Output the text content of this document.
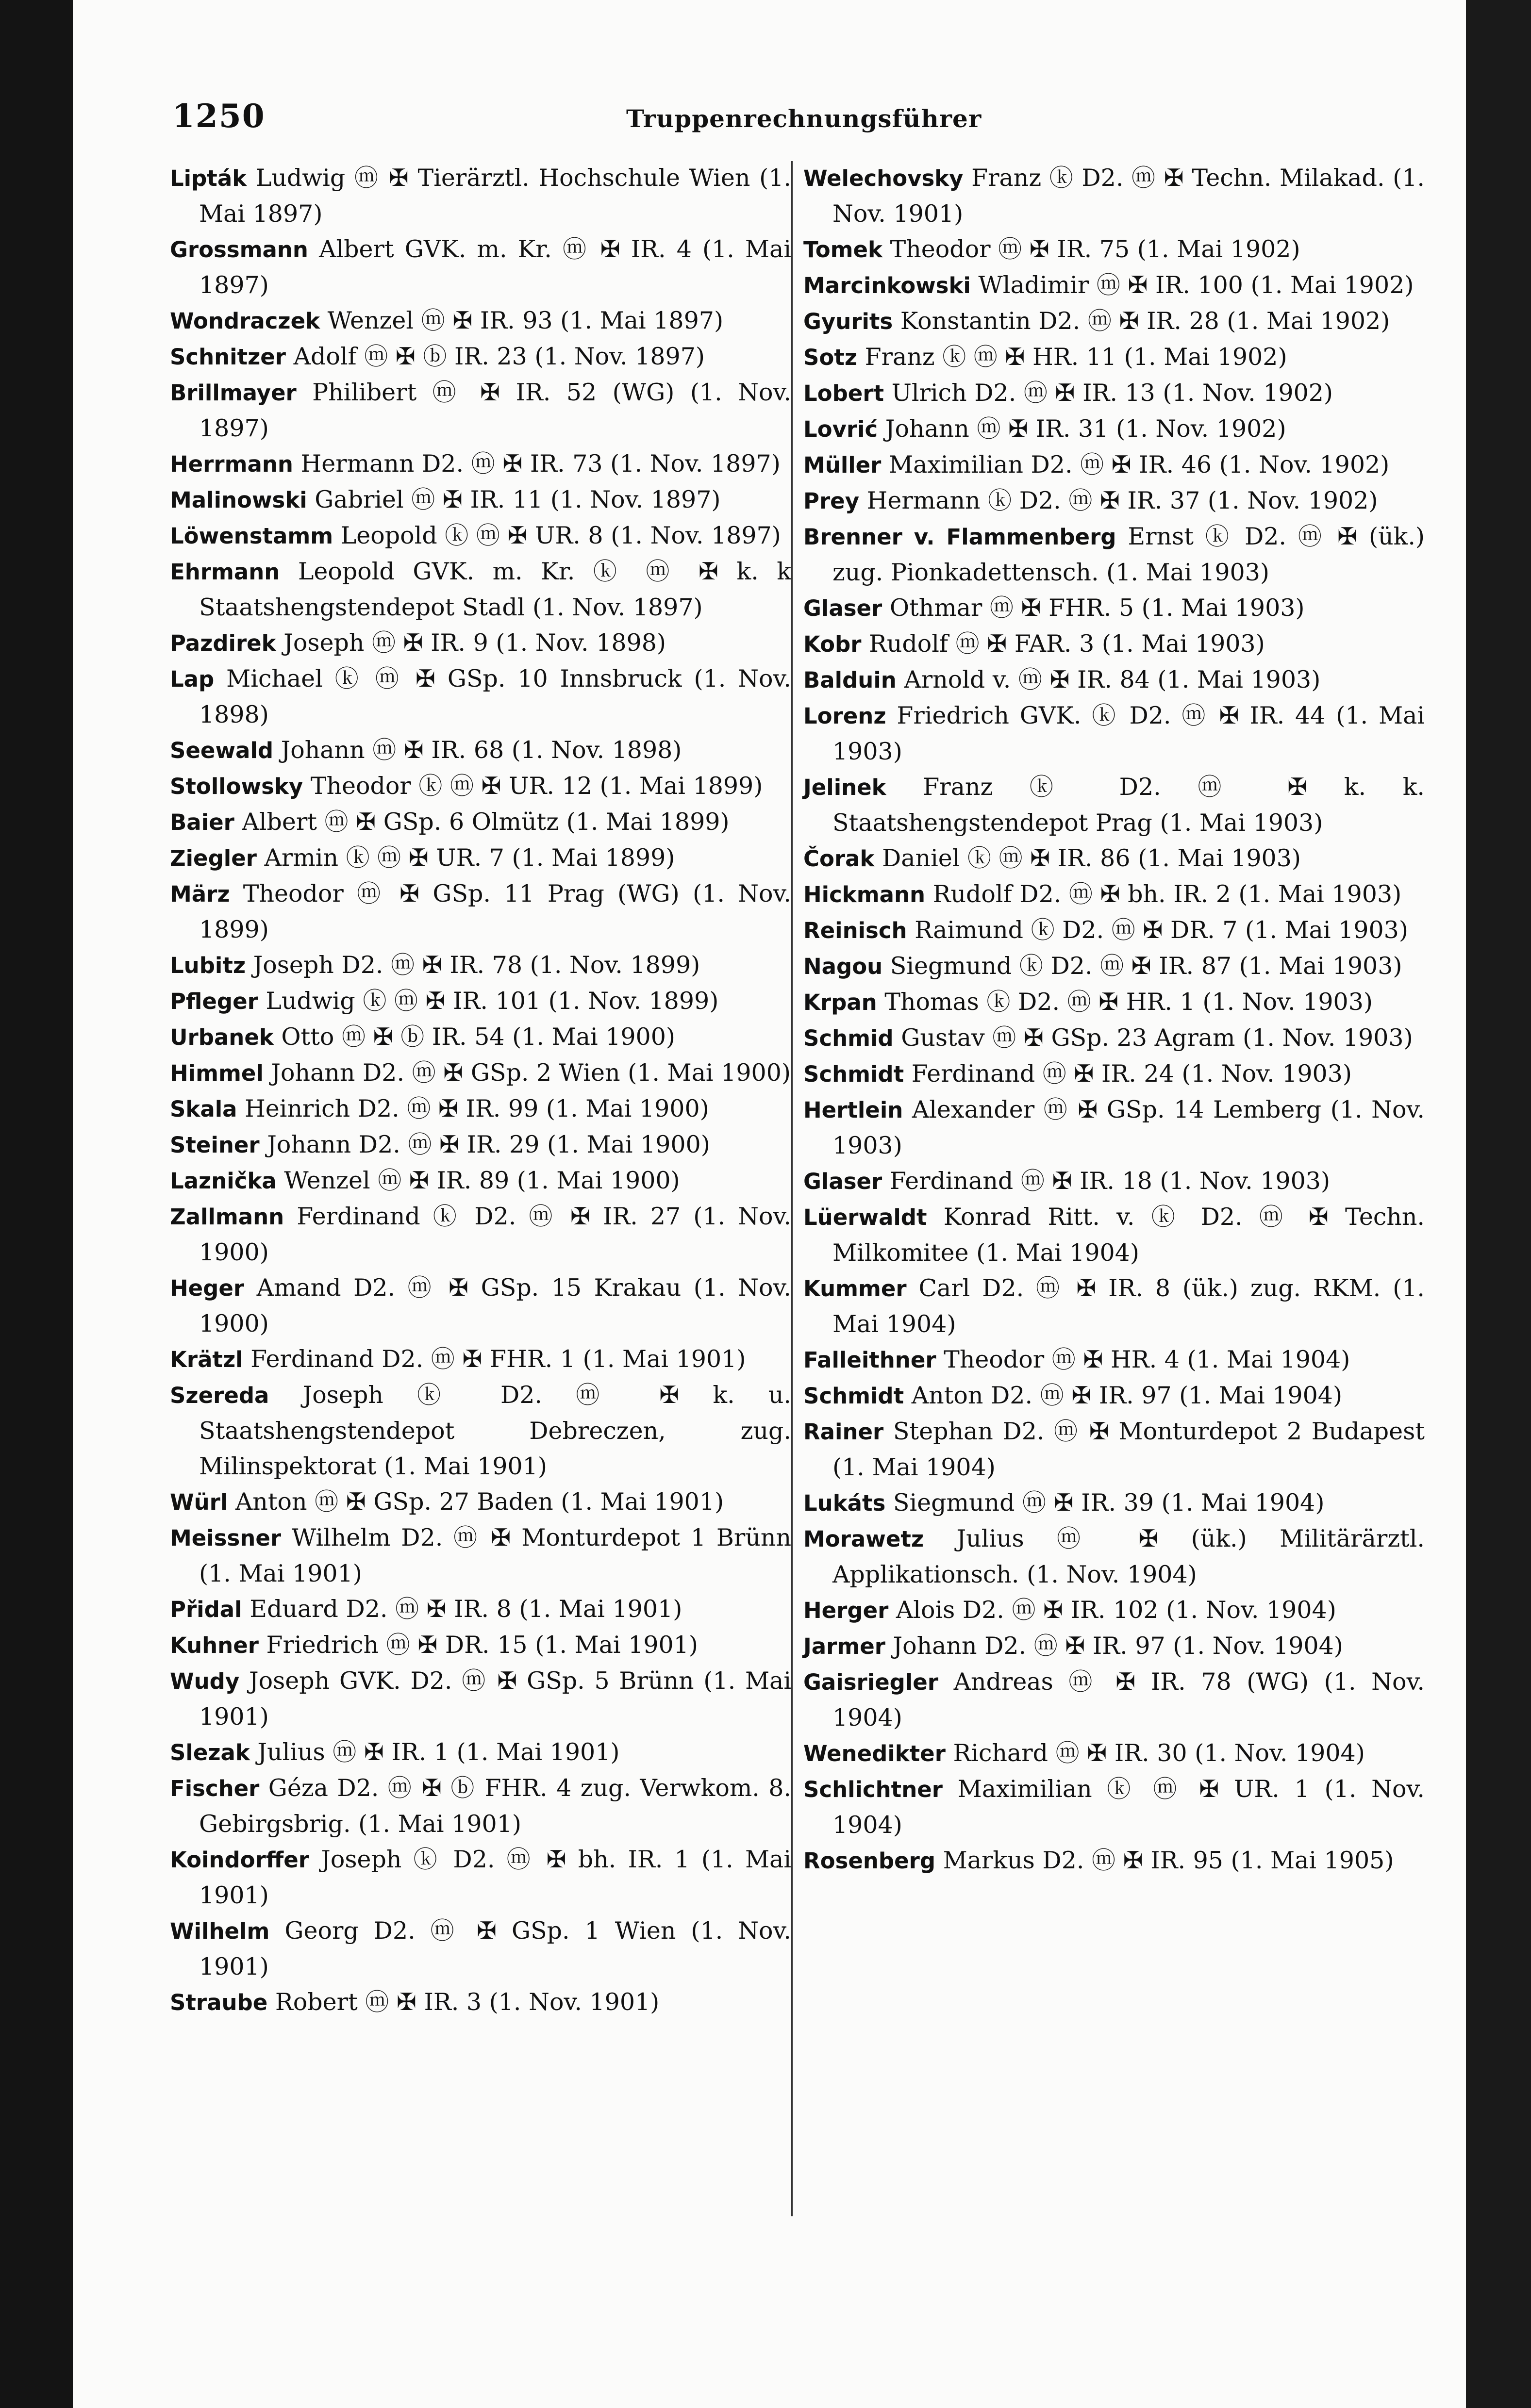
1250	Truppenrechnungsführer
Lipták Ludwig ⓜ ✠ Tierärztl. Hochschule Wien (1. Mai 1897)
Grossmann Albert GVK. m. Kr. ⓜ ✠ IR. 4 (1. Mai 1897)
Wondraczek Wenzel ⓜ ✠ IR. 93 (1. Mai 1897)
Schnitzer Adolf ⓜ ✠ ⓑ IR. 23 (1. Nov. 1897)
Brillmayer Philibert ⓜ ✠ IR. 52 (WG) (1. Nov. 1897)
Herrmann Hermann D2. ⓜ ✠ IR. 73 (1. Nov. 1897)
Malinowski Gabriel ⓜ ✠ IR. 11 (1. Nov. 1897)
Löwenstamm Leopold ⓚ ⓜ ✠ UR. 8 (1. Nov. 1897)
Ehrmann Leopold GVK. m. Kr. ⓚ ⓜ ✠ k. k Staatshengstendepot Stadl (1. Nov. 1897)
Pazdirek Joseph ⓜ ✠ IR. 9 (1. Nov. 1898)
Lap Michael ⓚ ⓜ ✠ GSp. 10 Innsbruck (1. Nov. 1898)
Seewald Johann ⓜ ✠ IR. 68 (1. Nov. 1898)
Stollowsky Theodor ⓚ ⓜ ✠ UR. 12 (1. Mai 1899)
Baier Albert ⓜ ✠ GSp. 6 Olmütz (1. Mai 1899)
Ziegler Armin ⓚ ⓜ ✠ UR. 7 (1. Mai 1899)
März Theodor ⓜ ✠ GSp. 11 Prag (WG) (1. Nov. 1899)
Lubitz Joseph D2. ⓜ ✠ IR. 78 (1. Nov. 1899)
Pfleger Ludwig ⓚ ⓜ ✠ IR. 101 (1. Nov. 1899)
Urbanek Otto ⓜ ✠ ⓑ IR. 54 (1. Mai 1900)
Himmel Johann D2. ⓜ ✠ GSp. 2 Wien (1. Mai 1900)
Skala Heinrich D2. ⓜ ✠ IR. 99 (1. Mai 1900)
Steiner Johann D2. ⓜ ✠ IR. 29 (1. Mai 1900)
Laznička Wenzel ⓜ ✠ IR. 89 (1. Mai 1900)
Zallmann Ferdinand ⓚ D2. ⓜ ✠ IR. 27 (1. Nov. 1900)
Heger Amand D2. ⓜ ✠ GSp. 15 Krakau (1. Nov. 1900)
Krätzl Ferdinand D2. ⓜ ✠ FHR. 1 (1. Mai 1901)
Szereda Joseph ⓚ D2. ⓜ ✠ k. u. Staatshengstendepot Debreczen, zug. Milinspektorat (1. Mai 1901)
Würl Anton ⓜ ✠ GSp. 27 Baden (1. Mai 1901)
Meissner Wilhelm D2. ⓜ ✠ Monturdepot 1 Brünn (1. Mai 1901)
Přidal Eduard D2. ⓜ ✠ IR. 8 (1. Mai 1901)
Kuhner Friedrich ⓜ ✠ DR. 15 (1. Mai 1901)
Wudy Joseph GVK. D2. ⓜ ✠ GSp. 5 Brünn (1. Mai 1901)
Slezak Julius ⓜ ✠ IR. 1 (1. Mai 1901)
Fischer Géza D2. ⓜ ✠ ⓑ FHR. 4 zug. Verwkom. 8. Gebirgsbrig. (1. Mai 1901)
Koindorffer Joseph ⓚ D2. ⓜ ✠ bh. IR. 1 (1. Mai 1901)
Wilhelm Georg D2. ⓜ ✠ GSp. 1 Wien (1. Nov. 1901)
Straube Robert ⓜ ✠ IR. 3 (1. Nov. 1901)
Welechovsky Franz ⓚ D2. ⓜ ✠ Techn. Milakad. (1. Nov. 1901)
Tomek Theodor ⓜ ✠ IR. 75 (1. Mai 1902)
Marcinkowski Wladimir ⓜ ✠ IR. 100 (1. Mai 1902)
Gyurits Konstantin D2. ⓜ ✠ IR. 28 (1. Mai 1902)
Sotz Franz ⓚ ⓜ ✠ HR. 11 (1. Mai 1902)
Lobert Ulrich D2. ⓜ ✠ IR. 13 (1. Nov. 1902)
Lovrić Johann ⓜ ✠ IR. 31 (1. Nov. 1902)
Müller Maximilian D2. ⓜ ✠ IR. 46 (1. Nov. 1902)
Prey Hermann ⓚ D2. ⓜ ✠ IR. 37 (1. Nov. 1902)
Brenner v. Flammenberg Ernst ⓚ D2. ⓜ ✠ (ük.) zug. Pionkadettensch. (1. Mai 1903)
Glaser Othmar ⓜ ✠ FHR. 5 (1. Mai 1903)
Kobr Rudolf ⓜ ✠ FAR. 3 (1. Mai 1903)
Balduin Arnold v. ⓜ ✠ IR. 84 (1. Mai 1903)
Lorenz Friedrich GVK. ⓚ D2. ⓜ ✠ IR. 44 (1. Mai 1903)
Jelinek Franz ⓚ D2. ⓜ ✠ k. k. Staatshengstendepot Prag (1. Mai 1903)
Čorak Daniel ⓚ ⓜ ✠ IR. 86 (1. Mai 1903)
Hickmann Rudolf D2. ⓜ ✠ bh. IR. 2 (1. Mai 1903)
Reinisch Raimund ⓚ D2. ⓜ ✠ DR. 7 (1. Mai 1903)
Nagou Siegmund ⓚ D2. ⓜ ✠ IR. 87 (1. Mai 1903)
Krpan Thomas ⓚ D2. ⓜ ✠ HR. 1 (1. Nov. 1903)
Schmid Gustav ⓜ ✠ GSp. 23 Agram (1. Nov. 1903)
Schmidt Ferdinand ⓜ ✠ IR. 24 (1. Nov. 1903)
Hertlein Alexander ⓜ ✠ GSp. 14 Lemberg (1. Nov. 1903)
Glaser Ferdinand ⓜ ✠ IR. 18 (1. Nov. 1903)
Lüerwaldt Konrad Ritt. v. ⓚ D2. ⓜ ✠ Techn. Milkomitee (1. Mai 1904)
Kummer Carl D2. ⓜ ✠ IR. 8 (ük.) zug. RKM. (1. Mai 1904)
Falleithner Theodor ⓜ ✠ HR. 4 (1. Mai 1904)
Schmidt Anton D2. ⓜ ✠ IR. 97 (1. Mai 1904)
Rainer Stephan D2. ⓜ ✠ Monturdepot 2 Budapest (1. Mai 1904)
Lukáts Siegmund ⓜ ✠ IR. 39 (1. Mai 1904)
Morawetz Julius ⓜ ✠ (ük.) Militärärztl. Applikationsch. (1. Nov. 1904)
Herger Alois D2. ⓜ ✠ IR. 102 (1. Nov. 1904)
Jarmer Johann D2. ⓜ ✠ IR. 97 (1. Nov. 1904)
Gaisriegler Andreas ⓜ ✠ IR. 78 (WG) (1. Nov. 1904)
Wenedikter Richard ⓜ ✠ IR. 30 (1. Nov. 1904)
Schlichtner Maximilian ⓚ ⓜ ✠ UR. 1 (1. Nov. 1904)
Rosenberg Markus D2. ⓜ ✠ IR. 95 (1. Mai 1905)
